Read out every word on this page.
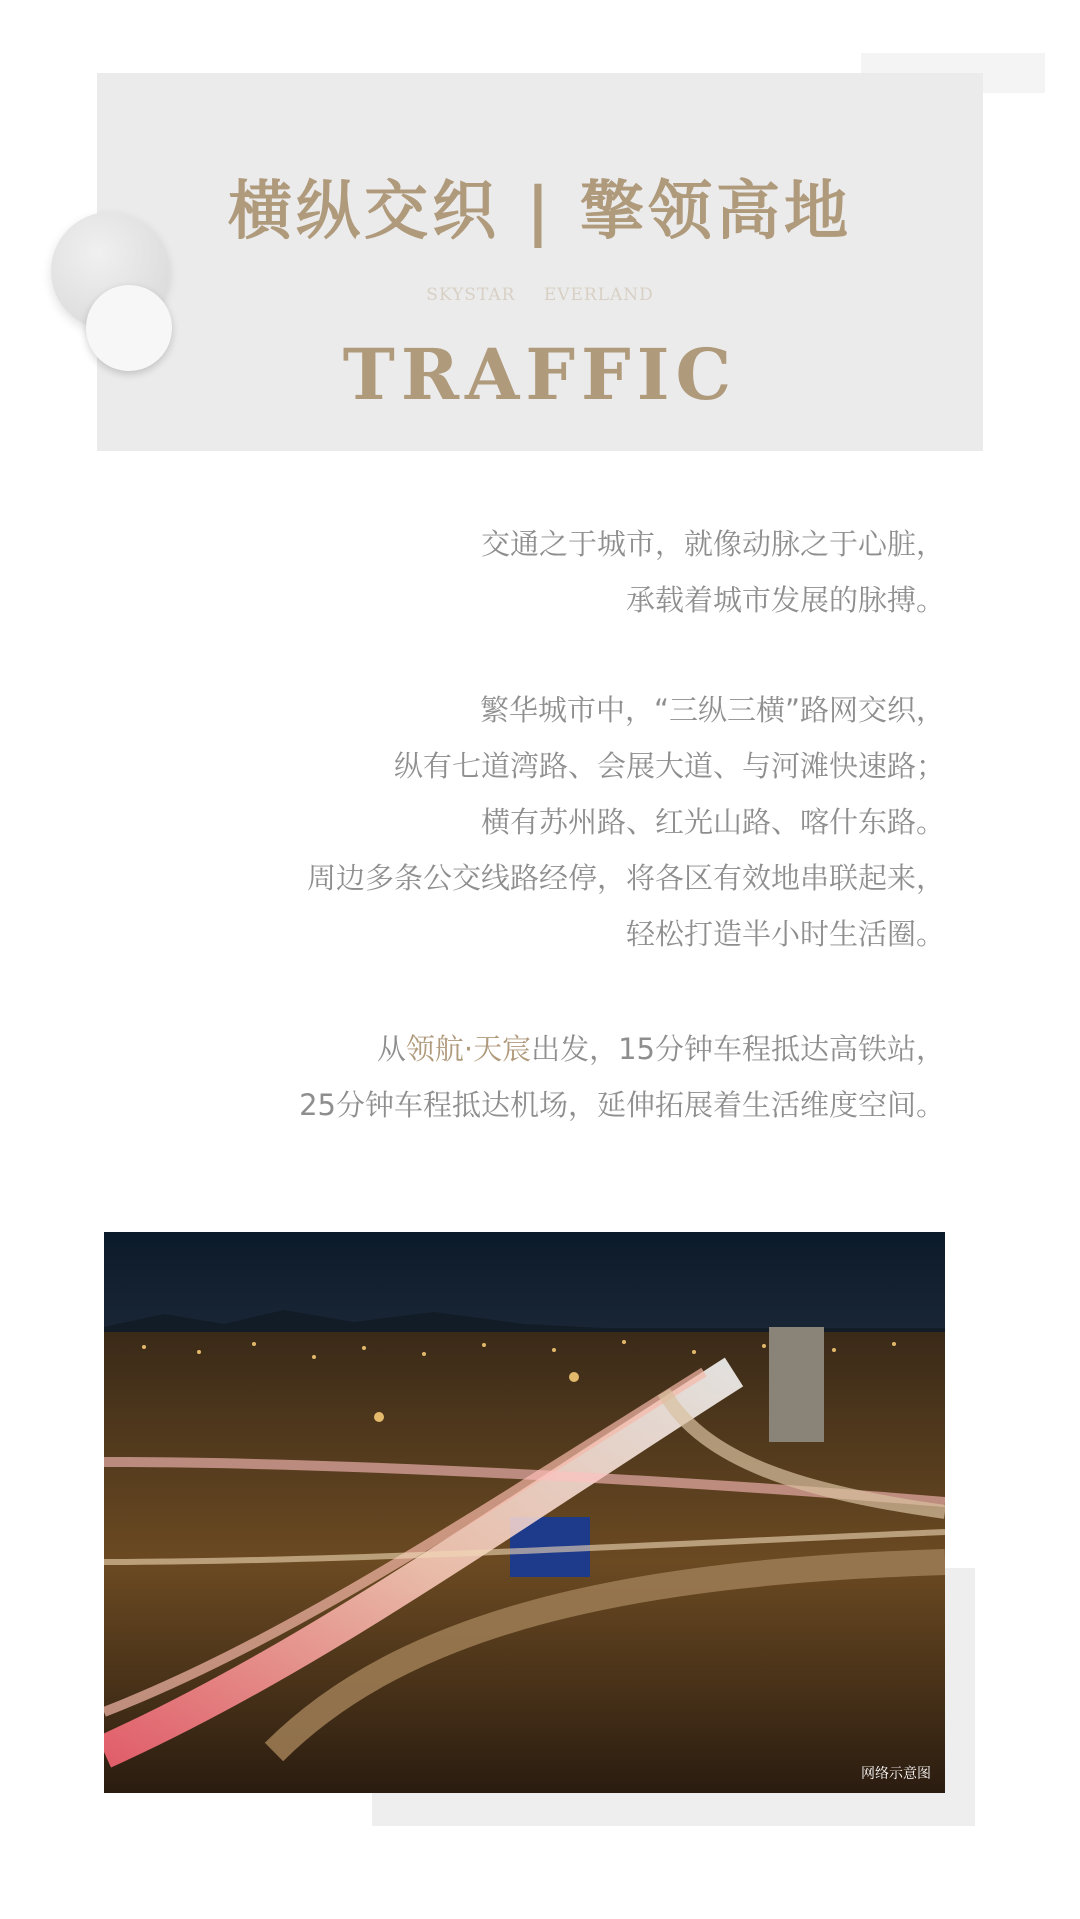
横纵交织 | 擎领高地
SKYSTAR EVERLAND
TRAFFIC
交通之于城市，就像动脉之于心脏，
承载着城市发展的脉搏。
繁华城市中，“三纵三横”路网交织，
纵有七道湾路、会展大道、与河滩快速路；
横有苏州路、红光山路、喀什东路。
周边多条公交线路经停，将各区有效地串联起来，
轻松打造半小时生活圈。
从领航·天宸出发，15分钟车程抵达高铁站，
25分钟车程抵达机场，延伸拓展着生活维度空间。
网络示意图
